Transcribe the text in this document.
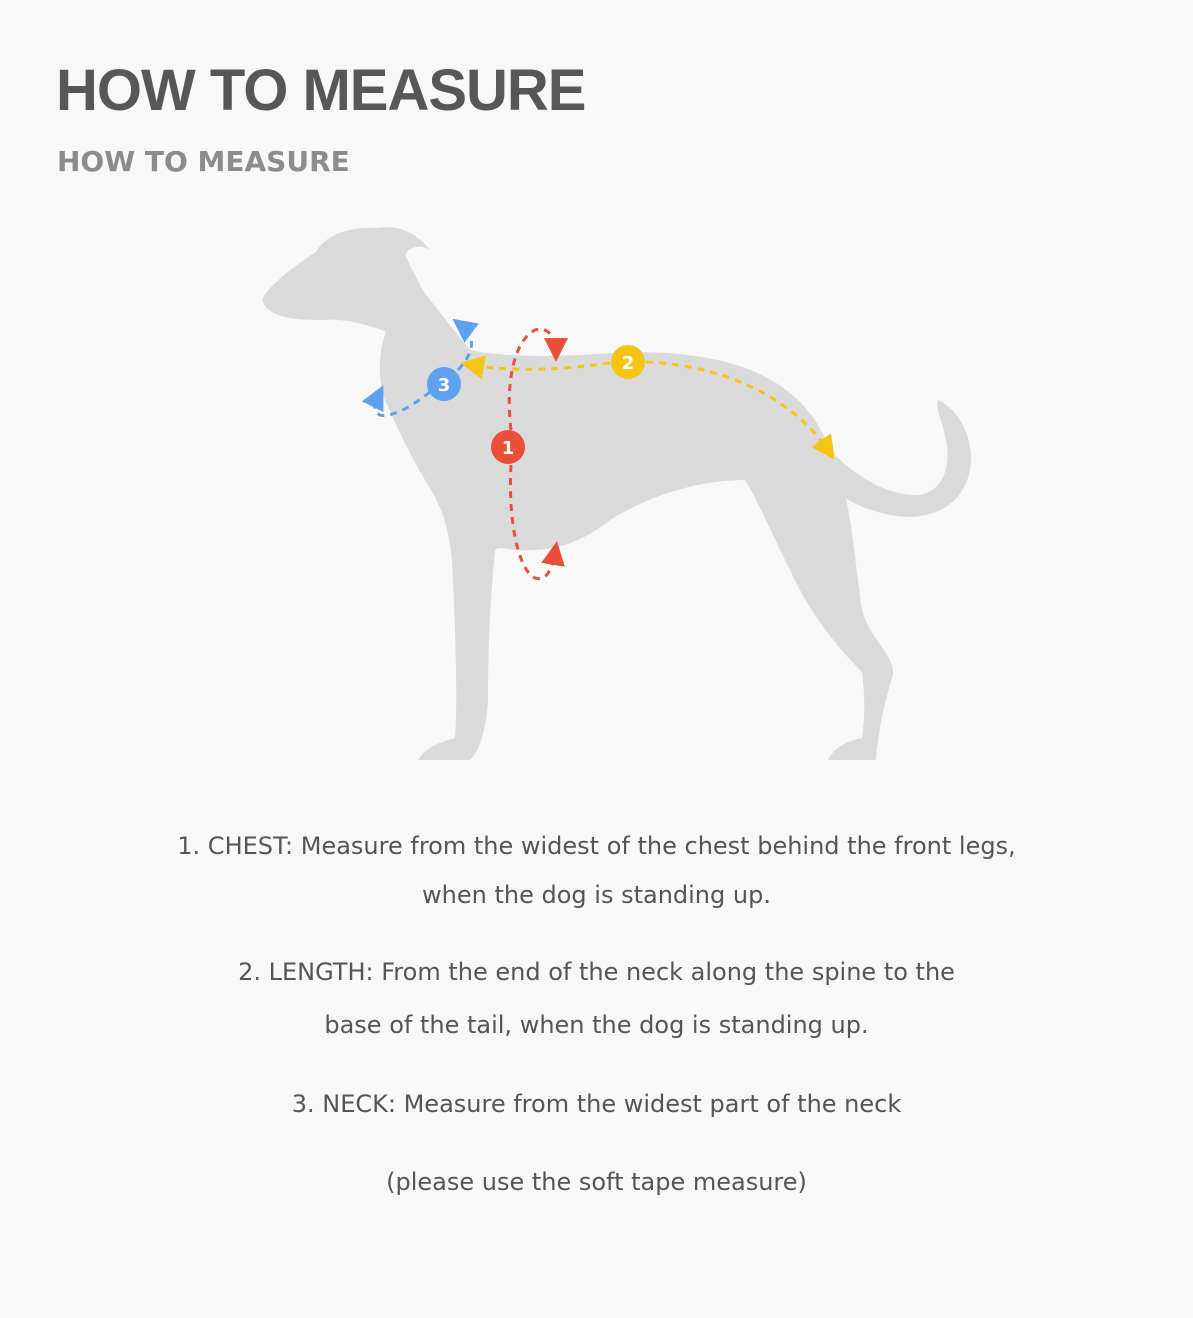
HOW TO MEASURE
HOW TO MEASURE
1
2
3

1. CHEST: Measure from the widest of the chest behind the front legs,

when the dog is standing up.

2. LENGTH: From the end of the neck along the spine to the

base of the tail, when the dog is standing up.

3. NECK: Measure from the widest part of the neck

(please use the soft tape measure)
